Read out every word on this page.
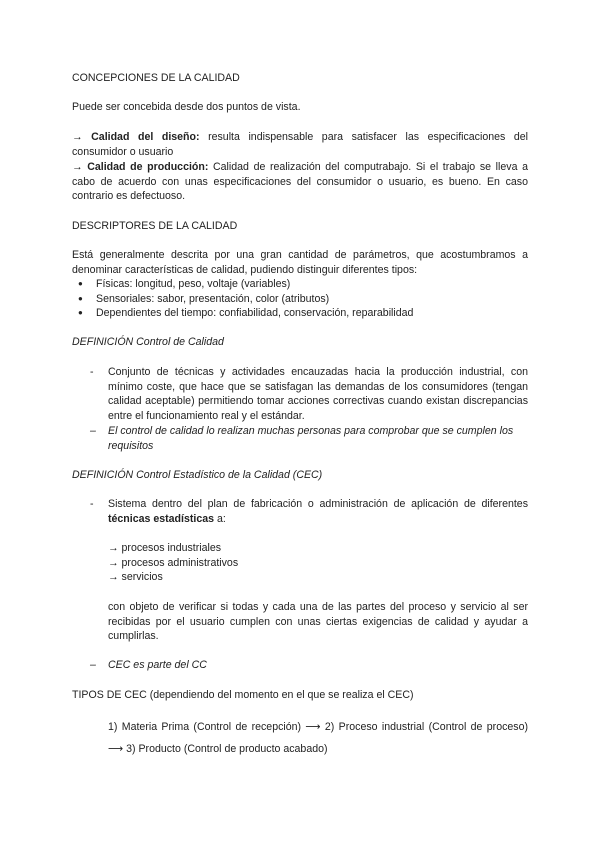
CONCEPCIONES DE LA CALIDAD

Puede ser concebida desde dos puntos de vista.

→ Calidad del diseño: resulta indispensable para satisfacer las especificaciones del consumidor o usuario

→ Calidad de producción: Calidad de realización del computrabajo. Si el trabajo se lleva a cabo de acuerdo con unas especificaciones del consumidor o usuario, es bueno. En caso contrario es defectuoso.

DESCRIPTORES DE LA CALIDAD

Está generalmente descrita por una gran cantidad de parámetros, que acostumbramos a denominar características de calidad, pudiendo distinguir diferentes tipos:

● Físicas: longitud, peso, voltaje (variables)
● Sensoriales: sabor, presentación, color (atributos)
● Dependientes del tiempo: confiabilidad, conservación, reparabilidad

DEFINICIÓN Control de Calidad

-	Conjunto de técnicas y actividades encauzadas hacia la producción industrial, con mínimo coste, que hace que se satisfagan las demandas de los consumidores (tengan calidad aceptable) permitiendo tomar acciones correctivas cuando existan discrepancias entre el funcionamiento real y el estándar.
–	El control de calidad lo realizan muchas personas para comprobar que se cumplen los requisitos

DEFINICIÓN Control Estadístico de la Calidad (CEC)

-	Sistema dentro del plan de fabricación o administración de aplicación de diferentes técnicas estadísticas a:
→ procesos industriales
→ procesos administrativos
→ servicios

con objeto de verificar si todas y cada una de las partes del proceso y servicio al ser recibidas por el usuario cumplen con unas ciertas exigencias de calidad y ayudar a cumplirlas.

–	CEC es parte del CC

TIPOS DE CEC (dependiendo del momento en el que se realiza el CEC)

1) Materia Prima (Control de recepción) ⟶ 2) Proceso industrial (Control de proceso) ⟶ 3) Producto (Control de producto acabado)
